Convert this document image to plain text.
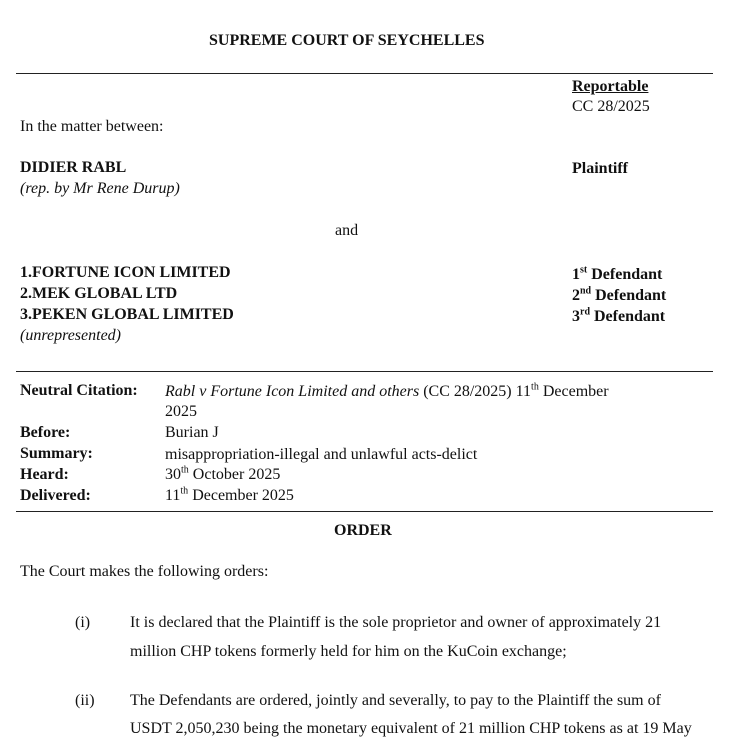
SUPREME COURT OF SEYCHELLES
Reportable
CC 28/2025
In the matter between:
DIDIER RABL
(rep. by Mr Rene Durup)
Plaintiff
and
1.FORTUNE ICON LIMITED
2.MEK GLOBAL LTD
3.PEKEN GLOBAL LIMITED
(unrepresented)
1st Defendant
2nd Defendant
3rd Defendant
Neutral Citation: Rabl v Fortune Icon Limited and others (CC 28/2025) 11th December
2025
Before:	Burian J
Summary:	misappropriation-illegal and unlawful acts-delict
Heard:	30th October 2025
Delivered:	11th December 2025
ORDER
The Court makes the following orders:
(i) It is declared that the Plaintiff is the sole proprietor and owner of approximately 21
million CHP tokens formerly held for him on the KuCoin exchange;
(ii) The Defendants are ordered, jointly and severally, to pay to the Plaintiff the sum of
USDT 2,050,230 being the monetary equivalent of 21 million CHP tokens as at 19 May
